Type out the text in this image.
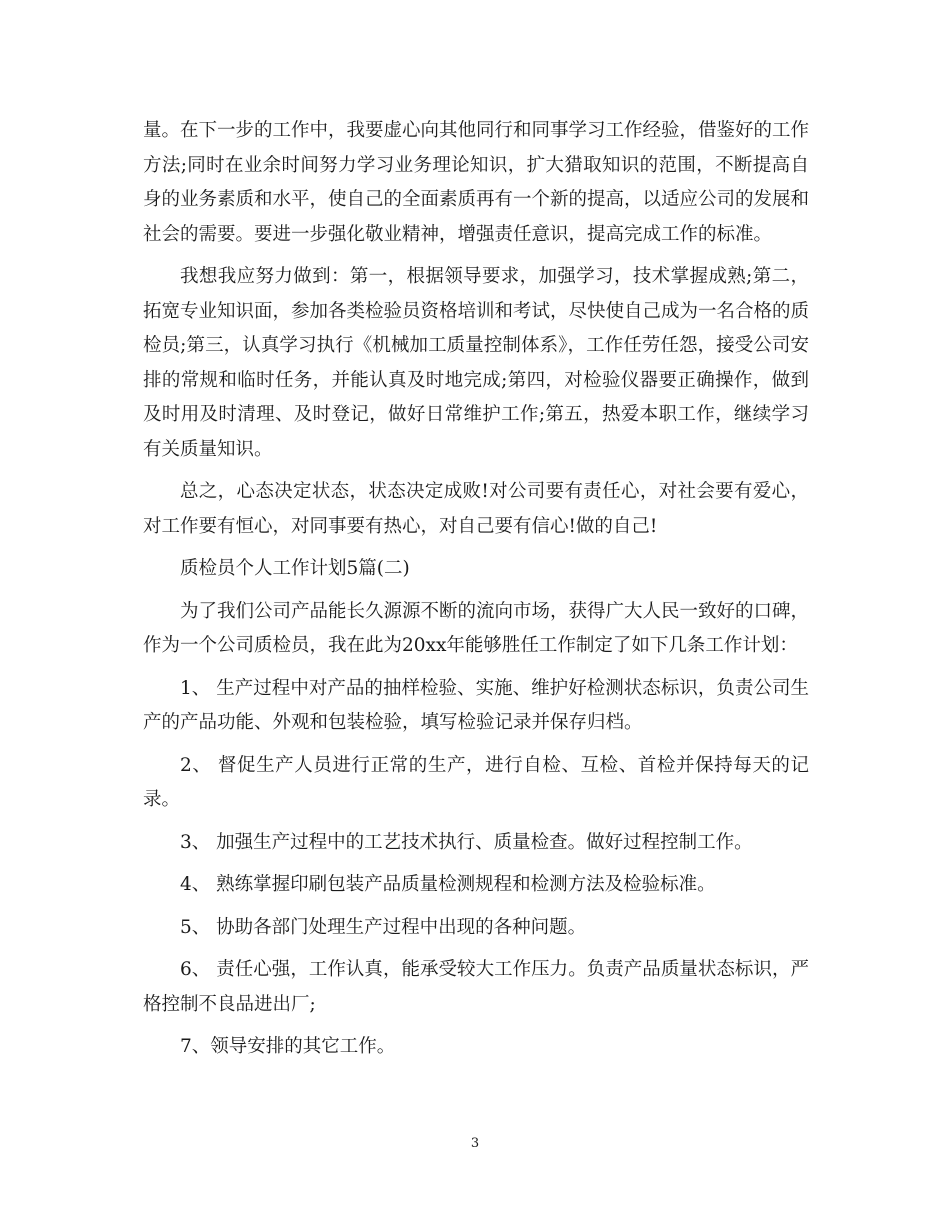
量。在下一步的工作中，我要虚心向其他同行和同事学习工作经验，借鉴好的工作方法;同时在业余时间努力学习业务理论知识，扩大猎取知识的范围，不断提高自身的业务素质和水平，使自己的全面素质再有一个新的提高，以适应公司的发展和社会的需要。要进一步强化敬业精神，增强责任意识，提高完成工作的标准。

我想我应努力做到：第一，根据领导要求，加强学习，技术掌握成熟;第二，拓宽专业知识面，参加各类检验员资格培训和考试，尽快使自己成为一名合格的质检员;第三，认真学习执行《机械加工质量控制体系》，工作任劳任怨，接受公司安排的常规和临时任务，并能认真及时地完成;第四，对检验仪器要正确操作，做到及时用及时清理、及时登记，做好日常维护工作;第五，热爱本职工作，继续学习有关质量知识。

总之，心态决定状态，状态决定成败!对公司要有责任心，对社会要有爱心，对工作要有恒心，对同事要有热心，对自己要有信心!做的自己!

质检员个人工作计划5篇(二)

为了我们公司产品能长久源源不断的流向市场，获得广大人民一致好的口碑，作为一个公司质检员，我在此为20xx年能够胜任工作制定了如下几条工作计划：

1、 生产过程中对产品的抽样检验、实施、维护好检测状态标识，负责公司生产的产品功能、外观和包装检验，填写检验记录并保存归档。

2、 督促生产人员进行正常的生产，进行自检、互检、首检并保持每天的记录。

3、 加强生产过程中的工艺技术执行、质量检查。做好过程控制工作。

4、 熟练掌握印刷包装产品质量检测规程和检测方法及检验标准。

5、 协助各部门处理生产过程中出现的各种问题。

6、 责任心强，工作认真，能承受较大工作压力。负责产品质量状态标识，严格控制不良品进出厂;

7、领导安排的其它工作。

3
